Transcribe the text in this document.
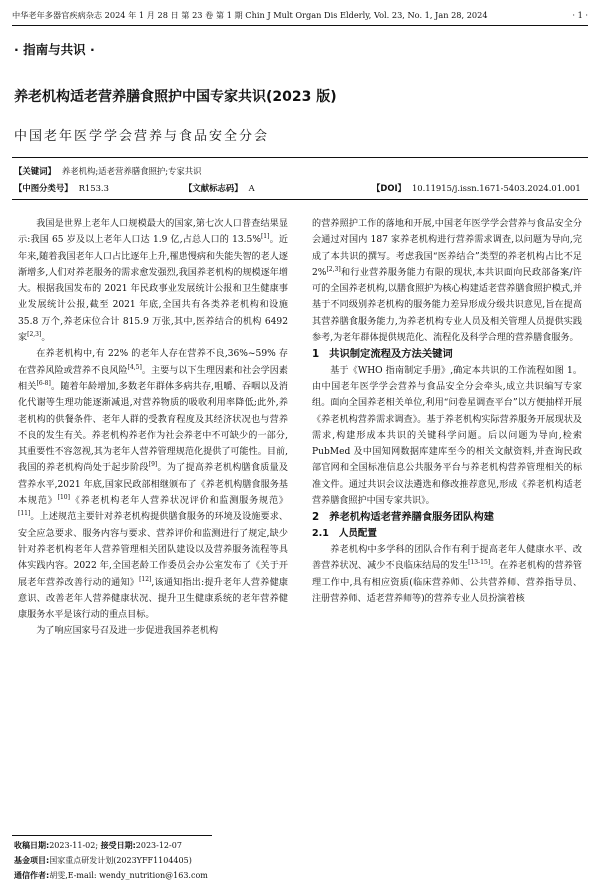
中华老年多器官疾病杂志 2024 年 1 月 28 日 第 23 卷 第 1 期 Chin J Mult Organ Dis Elderly, Vol. 23, No. 1, Jan 28, 2024	· 1 ·
· 指南与共识 ·
养老机构适老营养膳食照护中国专家共识(2023 版)
中国老年医学学会营养与食品安全分会
【关键词】 养老机构;适老营养膳食照护;专家共识
【中图分类号】 R153.3	【文献标志码】 A	【DOI】 10.11915/j.issn.1671-5403.2024.01.001

我国是世界上老年人口规模最大的国家,第七次人口普查结果显示:我国 65 岁及以上老年人口达 1.9 亿,占总人口的 13.5%[1]。近年来,随着我国老年人口占比逐年上升,罹患慢病和失能失智的老人逐渐增多,人们对养老服务的需求愈发强烈,我国养老机构的规模逐年增大。根据我国发布的 2021 年民政事业发展统计公报和卫生健康事业发展统计公报,截至 2021 年底,全国共有各类养老机构和设施 35.8 万个,养老床位合计 815.9 万张,其中,医养结合的机构 6492 家[2,3]。

在养老机构中,有 22% 的老年人存在营养不良,36%~59% 存在营养风险或营养不良风险[4,5]。主要与以下生理因素和社会学因素相关[6-8]。随着年龄增加,多数老年群体多病共存,咀嚼、吞咽以及消化代谢等生理功能逐渐减退,对营养物质的吸收利用率降低;此外,养老机构的供餐条件、老年人群的受教育程度及其经济状况也与营养不良的发生有关。养老机构养老作为社会养老中不可缺少的一部分,其重要性不容忽视,其为老年人营养管理规范化提供了可能性。目前,我国的养老机构尚处于起步阶段[9]。为了提高养老机构膳食质量及营养水平,2021 年底,国家民政部相继颁布了《养老机构膳食服务基本规范》[10]《养老机构老年人营养状况评价和监测服务规范》[11]。上述规范主要针对养老机构提供膳食服务的环境及设施要求、安全应急要求、服务内容与要求、营养评价和监测进行了规定,缺少针对养老机构老年人营养管理相关团队建设以及营养服务流程等具体实践内容。2022 年,全国老龄工作委员会办公室发布了《关于开展老年营养改善行动的通知》[12],该通知指出:提升老年人营养健康意识、改善老年人营养健康状况、提升卫生健康系统的老年营养健康服务水平是该行动的重点目标。

为了响应国家号召及进一步促进我国养老机构

的营养照护工作的落地和开展,中国老年医学学会营养与食品安全分会通过对国内 187 家养老机构进行营养需求调查,以问题为导向,完成了本共识的撰写。考虑我国“医养结合”类型的养老机构占比不足 2%[2,3]和行业营养服务能力有限的现状,本共识面向民政部备案/许可的全国养老机构,以膳食照护为核心构建适老营养膳食照护模式,并基于不同级别养老机构的服务能力差异形成分级共识意见,旨在提高其营养膳食服务能力,为养老机构专业人员及相关管理人员提供实践参考,为老年群体提供规范化、流程化及科学合理的营养膳食服务。

1 共识制定流程及方法关键词

基于《WHO 指南制定手册》,确定本共识的工作流程如图 1。由中国老年医学学会营养与食品安全分会牵头,成立共识编写专家组。面向全国养老相关单位,利用“问卷星调查平台”以方便抽样开展《养老机构营养需求调查》。基于养老机构实际营养服务开展现状及需求,构建形成本共识的关键科学问题。后以问题为导向,检索 PubMed 及中国知网数据库建库至今的相关文献资料,并查询民政部官网和全国标准信息公共服务平台与养老机构营养管理相关的标准文件。通过共识会议法遴选和修改推荐意见,形成《养老机构适老营养膳食照护中国专家共识》。

2 养老机构适老营养膳食服务团队构建

2.1 人员配置

养老机构中多学科的团队合作有利于提高老年人健康水平、改善营养状况、减少不良临床结局的发生[13-15]。在养老机构的营养管理工作中,具有相应资质(临床营养师、公共营养师、营养指导员、注册营养师、适老营养师等)的营养专业人员扮演着核

收稿日期:2023-11-02; 接受日期:2023-12-07
基金项目:国家重点研发计划(2023YFF1104405)
通信作者:胡雯,E-mail: wendy_nutrition@163.com
